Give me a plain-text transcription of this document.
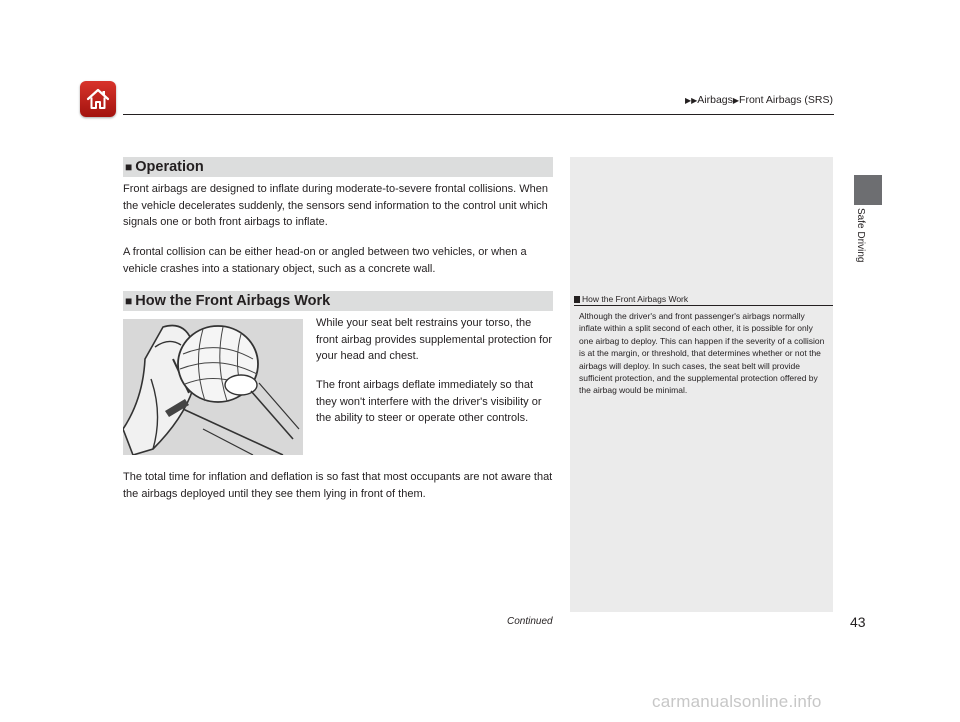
▶▶Airbags▶Front Airbags (SRS)
Safe Driving
■ Operation

Front airbags are designed to inflate during moderate-to-severe frontal collisions. When the vehicle decelerates suddenly, the sensors send information to the control unit which signals one or both front airbags to inflate.

A frontal collision can be either head-on or angled between two vehicles, or when a vehicle crashes into a stationary object, such as a concrete wall.

■ How the Front Airbags Work

While your seat belt restrains your torso, the front airbag provides supplemental protection for your head and chest.

The front airbags deflate immediately so that they won't interfere with the driver's visibility or the ability to steer or operate other controls.

The total time for inflation and deflation is so fast that most occupants are not aware that the airbags deployed until they see them lying in front of them.

How the Front Airbags Work

Although the driver's and front passenger's airbags normally inflate within a split second of each other, it is possible for only one airbag to deploy. This can happen if the severity of a collision is at the margin, or threshold, that determines whether or not the airbags will deploy. In such cases, the seat belt will provide sufficient protection, and the supplemental protection offered by the airbag would be minimal.

Continued	43
carmanualsonline.info
